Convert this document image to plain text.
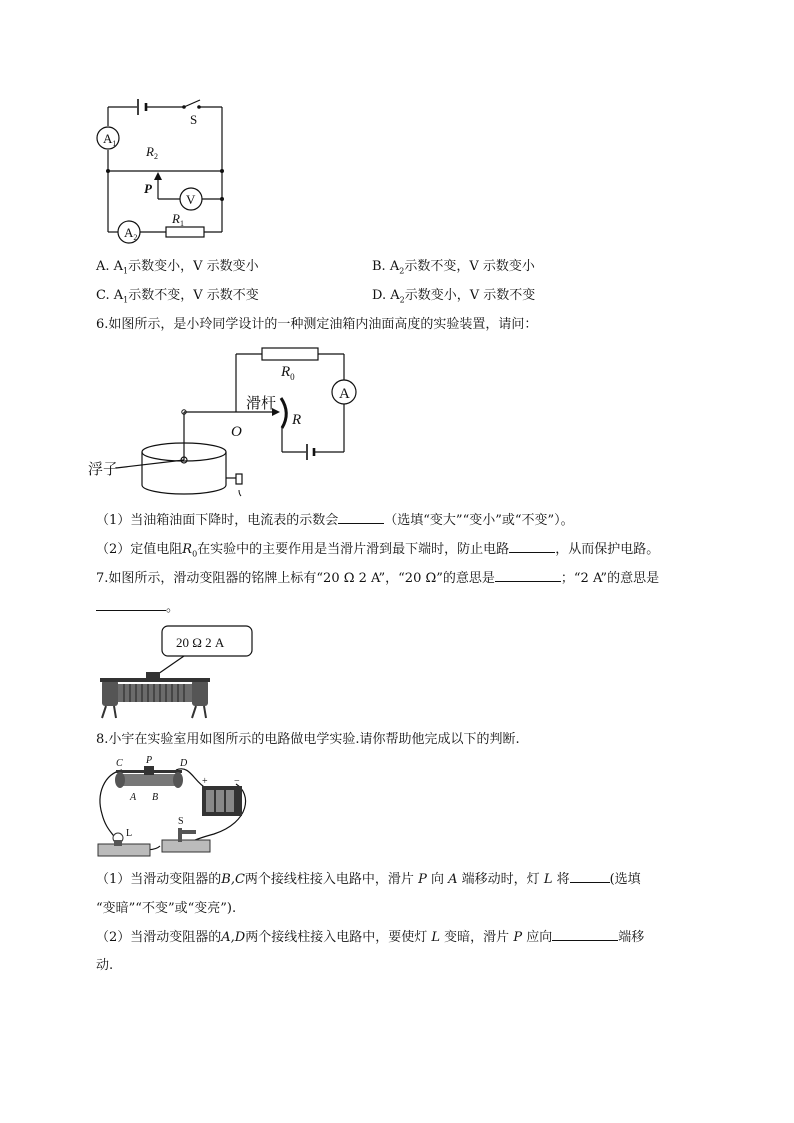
$A_1$
$A_2$
S
$R_2$
$R_1$
P
V
A. $A_1$示数变小，V 示数变小	B. $A_2$示数不变，V 示数变小
C. $A_1$示数不变，V 示数不变	D. $A_2$示数变小，V 示数不变
6.如图所示，是小玲同学设计的一种测定油箱内油面高度的实验装置，请问：
$R_0$
A
滑杆
R
O
浮子
（1）当油箱油面下降时，电流表的示数会	（选填“变大”“变小”或“不变”）。
（2）定值电阻$R_0$在实验中的主要作用是当滑片滑到最下端时，防止电路	，从而保护电路。
7.如图所示，滑动变阻器的铭牌上标有“20 Ω 2 A”，“20 Ω”的意思是	；“2 A”的意思是
。
20 Ω 2 A
8.小宇在实验室用如图所示的电路做电学实验.请你帮助他完成以下的判断.
C P	D
A B
+	−
L
S
（1）当滑动变阻器的B,C两个接线柱接入电路中，滑片 P 向 A 端移动时，灯 L 将	(选填
“变暗”“不变”或“变亮”).
（2）当滑动变阻器的A,D两个接线柱接入电路中，要使灯 L 变暗，滑片 P 应向	端移
动.
